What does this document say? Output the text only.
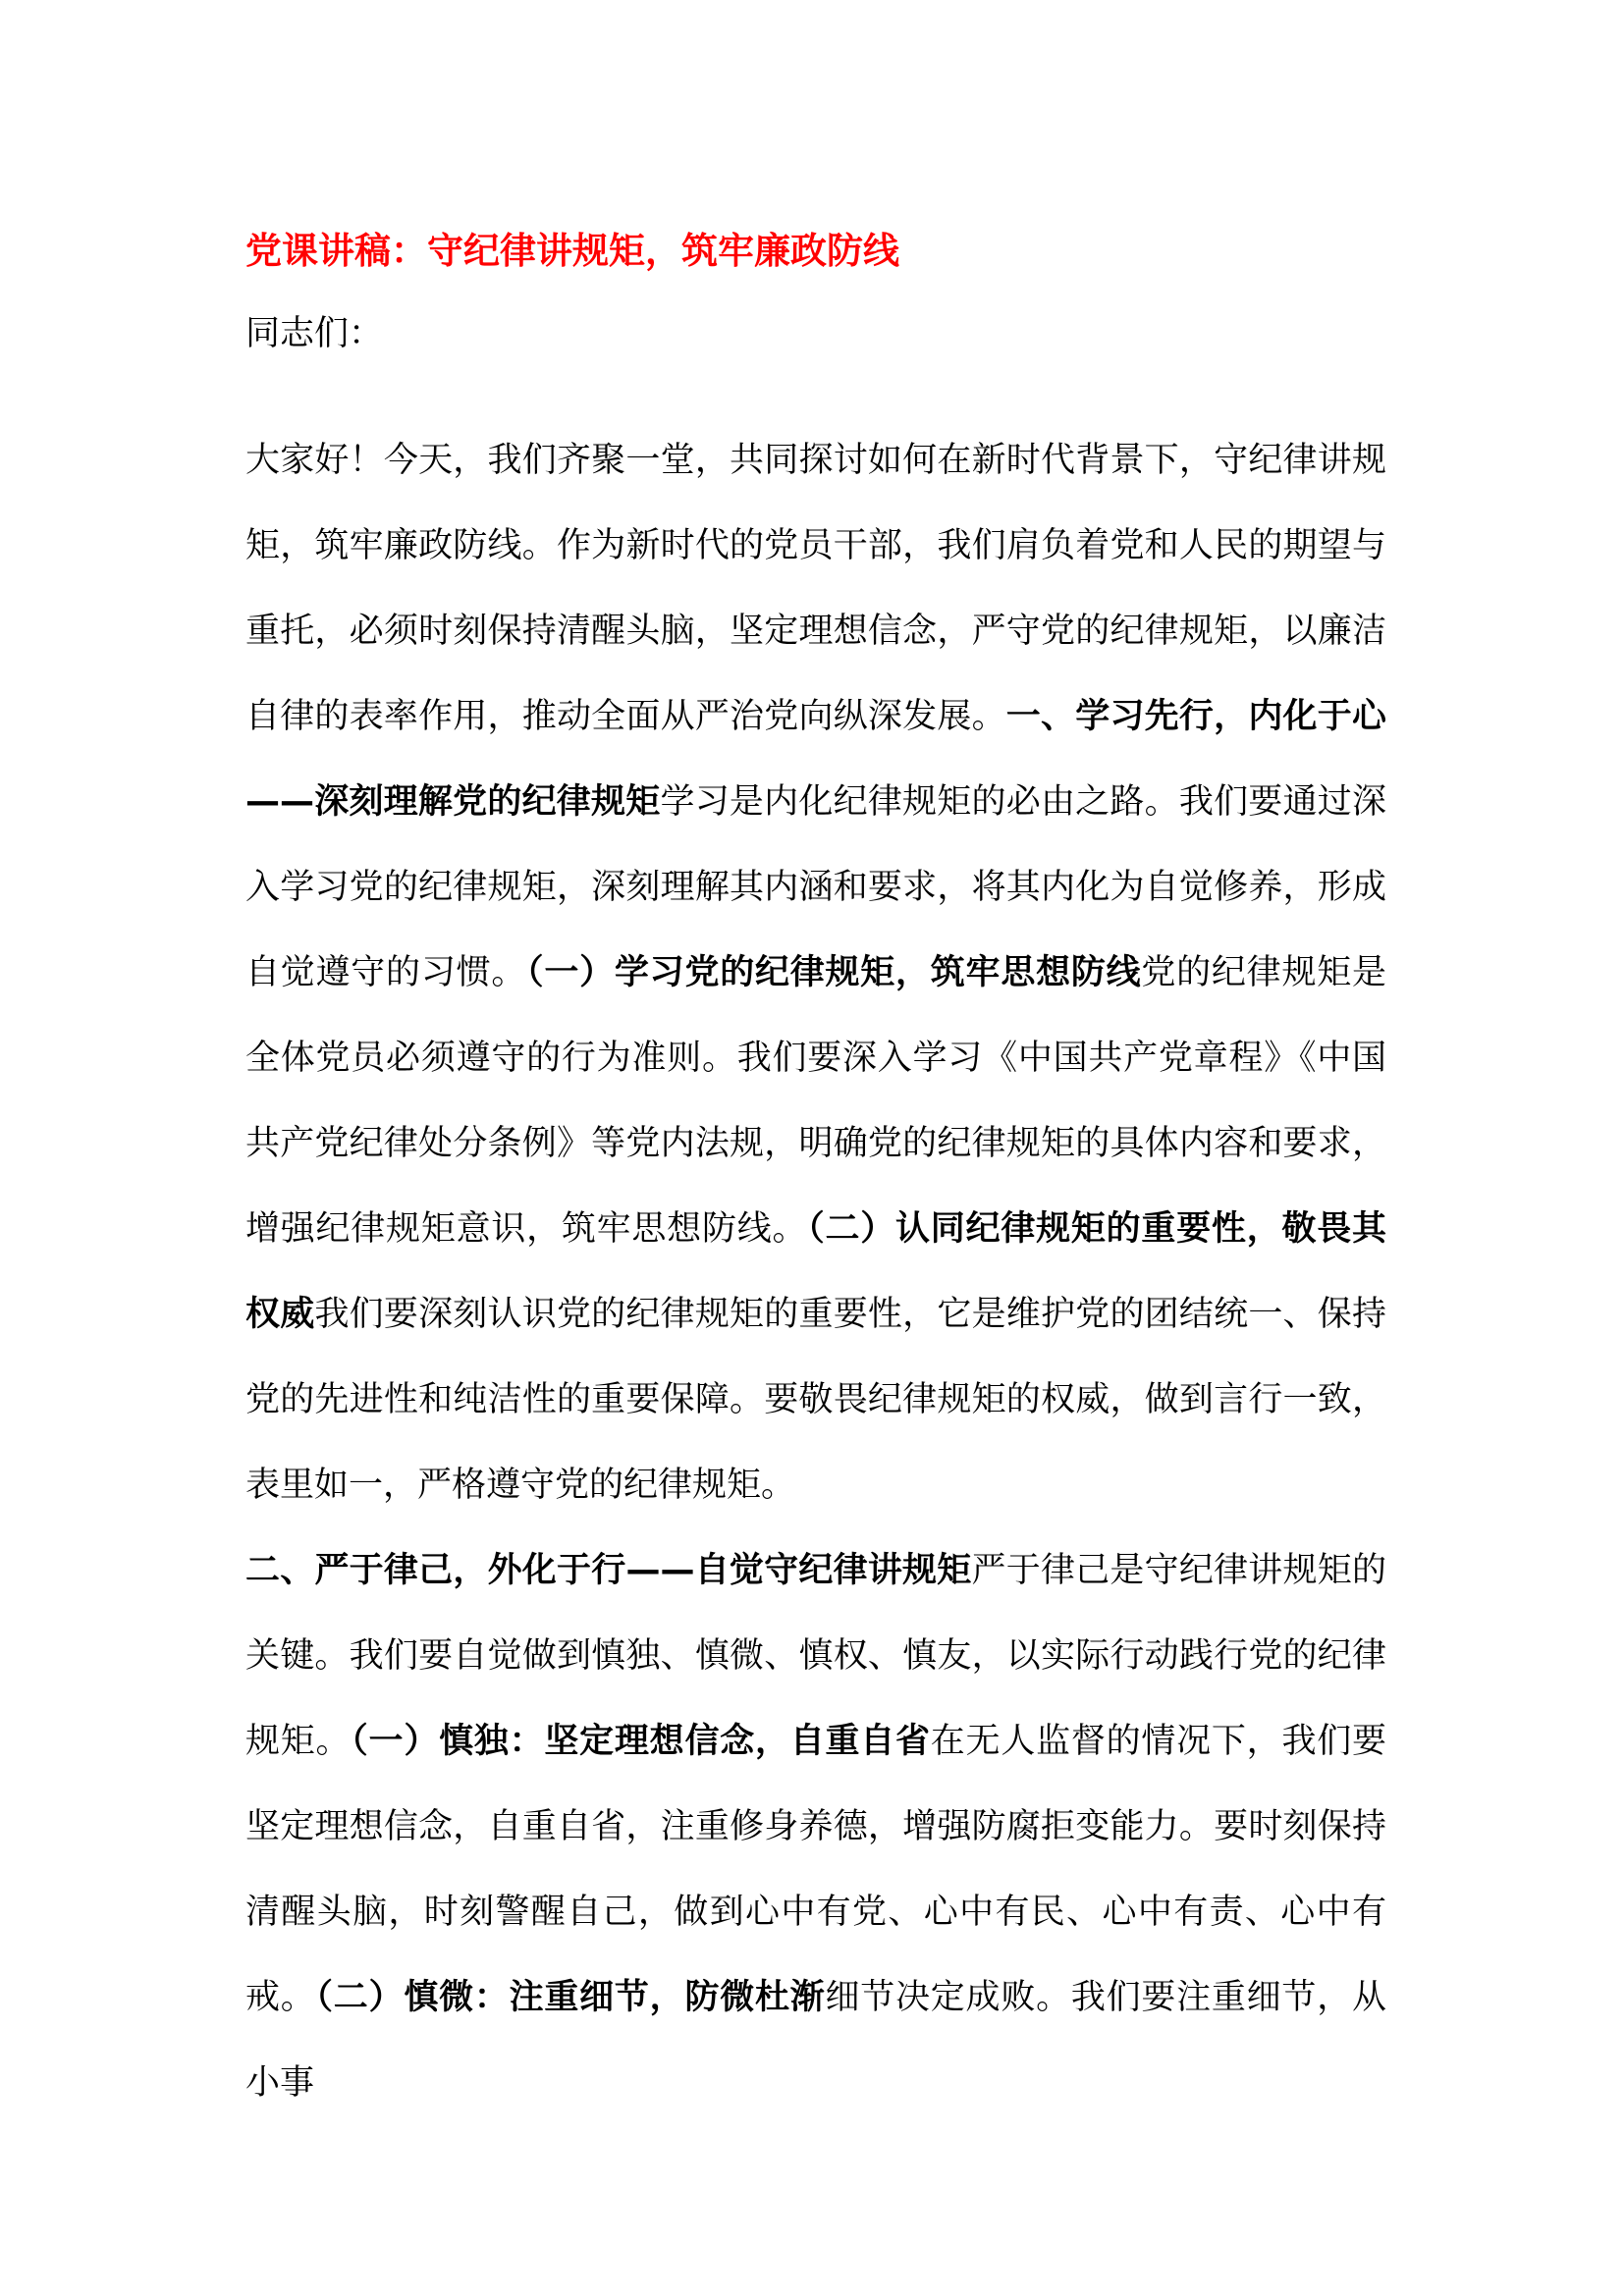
党课讲稿：守纪律讲规矩，筑牢廉政防线

同志们：

大家好！今天，我们齐聚一堂，共同探讨如何在新时代背景下，守纪律讲规矩，筑牢廉政防线。作为新时代的党员干部，我们肩负着党和人民的期望与重托，必须时刻保持清醒头脑，坚定理想信念，严守党的纪律规矩，以廉洁自律的表率作用，推动全面从严治党向纵深发展。一、学习先行，内化于心——深刻理解党的纪律规矩学习是内化纪律规矩的必由之路。我们要通过深入学习党的纪律规矩，深刻理解其内涵和要求，将其内化为自觉修养，形成自觉遵守的习惯。（一）学习党的纪律规矩，筑牢思想防线党的纪律规矩是全体党员必须遵守的行为准则。我们要深入学习《中国共产党章程》《中国共产党纪律处分条例》等党内法规，明确党的纪律规矩的具体内容和要求，增强纪律规矩意识，筑牢思想防线。（二）认同纪律规矩的重要性，敬畏其权威我们要深刻认识党的纪律规矩的重要性，它是维护党的团结统一、保持党的先进性和纯洁性的重要保障。要敬畏纪律规矩的权威，做到言行一致，表里如一，严格遵守党的纪律规矩。

二、严于律己，外化于行——自觉守纪律讲规矩严于律己是守纪律讲规矩的关键。我们要自觉做到慎独、慎微、慎权、慎友，以实际行动践行党的纪律规矩。（一）慎独：坚定理想信念，自重自省在无人监督的情况下，我们要坚定理想信念，自重自省，注重修身养德，增强防腐拒变能力。要时刻保持清醒头脑，时刻警醒自己，做到心中有党、心中有民、心中有责、心中有戒。（二）慎微：注重细节，防微杜渐细节决定成败。我们要注重细节，从小事
